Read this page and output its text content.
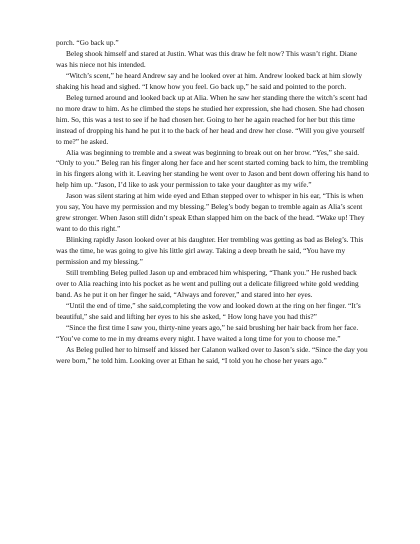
porch. “Go back up.”

Beleg shook himself and stared at Justin. What was this draw he felt now? This wasn’t right. Diane was his niece not his intended.

“Witch’s scent,” he heard Andrew say and he looked over at him. Andrew looked back at him slowly shaking his head and sighed. “I know how you feel. Go back up,” he said and pointed to the porch.

Beleg turned around and looked back up at Alia. When he saw her standing there the witch’s scent had no more draw to him. As he climbed the steps he studied her expression, she had chosen. She had chosen him. So, this was a test to see if he had chosen her. Going to her he again reached for her but this time instead of dropping his hand he put it to the back of her head and drew her close. “Will you give yourself to me?” he asked.

Alia was beginning to tremble and a sweat was beginning to break out on her brow. “Yes,” she said. “Only to you.” Beleg ran his finger along her face and her scent started coming back to him, the trembling in his fingers along with it. Leaving her standing he went over to Jason and bent down offering his hand to help him up. “Jason, I’d like to ask your permission to take your daughter as my wife.”

Jason was silent staring at him wide eyed and Ethan stepped over to whisper in his ear, “This is when you say, You have my permission and my blessing.” Beleg’s body began to tremble again as Alia’s scent grew stronger. When Jason still didn’t speak Ethan slapped him on the back of the head. “Wake up! They want to do this right.”

Blinking rapidly Jason looked over at his daughter. Her trembling was getting as bad as Beleg’s. This was the time, he was going to give his little girl away. Taking a deep breath he said, “You have my permission and my blessing.”

Still trembling Beleg pulled Jason up and embraced him whispering, “Thank you.” He rushed back over to Alia reaching into his pocket as he went and pulling out a delicate filigreed white gold wedding band. As he put it on her finger he said, “Always and forever,” and stared into her eyes.

“Until the end of time,” she said,completing the vow and looked down at the ring on her finger. “It’s beautiful,” she said and lifting her eyes to his she asked, “ How long have you had this?”

“Since the first time I saw you, thirty-nine years ago,” he said brushing her hair back from her face. “You’ve come to me in my dreams every night. I have waited a long time for you to choose me.”

As Beleg pulled her to himself and kissed her Calanon walked over to Jason’s side. “Since the day you were born,” he told him. Looking over at Ethan he said, “I told you he chose her years ago.”
